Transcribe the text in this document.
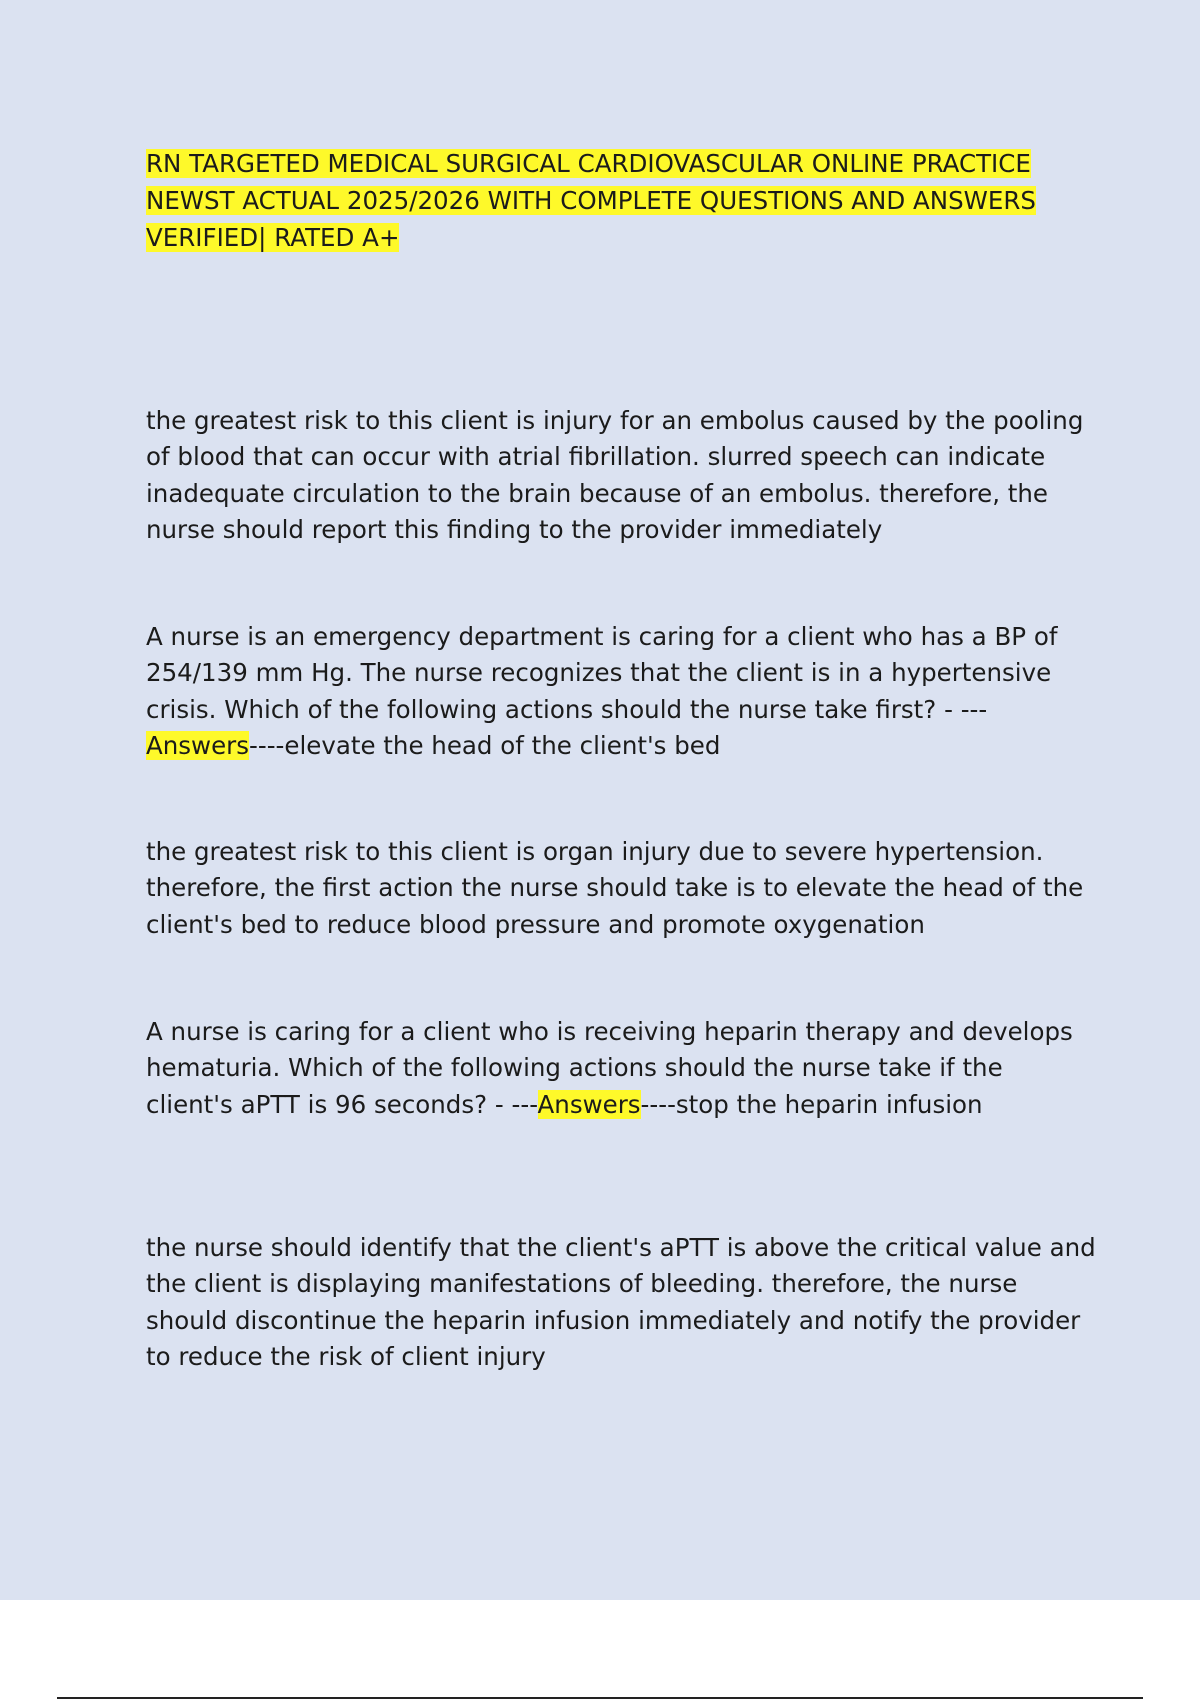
RN TARGETED MEDICAL SURGICAL CARDIOVASCULAR ONLINE PRACTICE NEWST ACTUAL 2025/2026 WITH COMPLETE QUESTIONS AND ANSWERS VERIFIED| RATED A+

the greatest risk to this client is injury for an embolus caused by the pooling of blood that can occur with atrial fibrillation. slurred speech can indicate inadequate circulation to the brain because of an embolus. therefore, the nurse should report this finding to the provider immediately

A nurse is an emergency department is caring for a client who has a BP of 254/139 mm Hg. The nurse recognizes that the client is in a hypertensive crisis. Which of the following actions should the nurse take first? - --- Answers----elevate the head of the client's bed

the greatest risk to this client is organ injury due to severe hypertension. therefore, the first action the nurse should take is to elevate the head of the client's bed to reduce blood pressure and promote oxygenation

A nurse is caring for a client who is receiving heparin therapy and develops hematuria. Which of the following actions should the nurse take if the client's aPTT is 96 seconds? - ---Answers----stop the heparin infusion

the nurse should identify that the client's aPTT is above the critical value and the client is displaying manifestations of bleeding. therefore, the nurse should discontinue the heparin infusion immediately and notify the provider to reduce the risk of client injury
